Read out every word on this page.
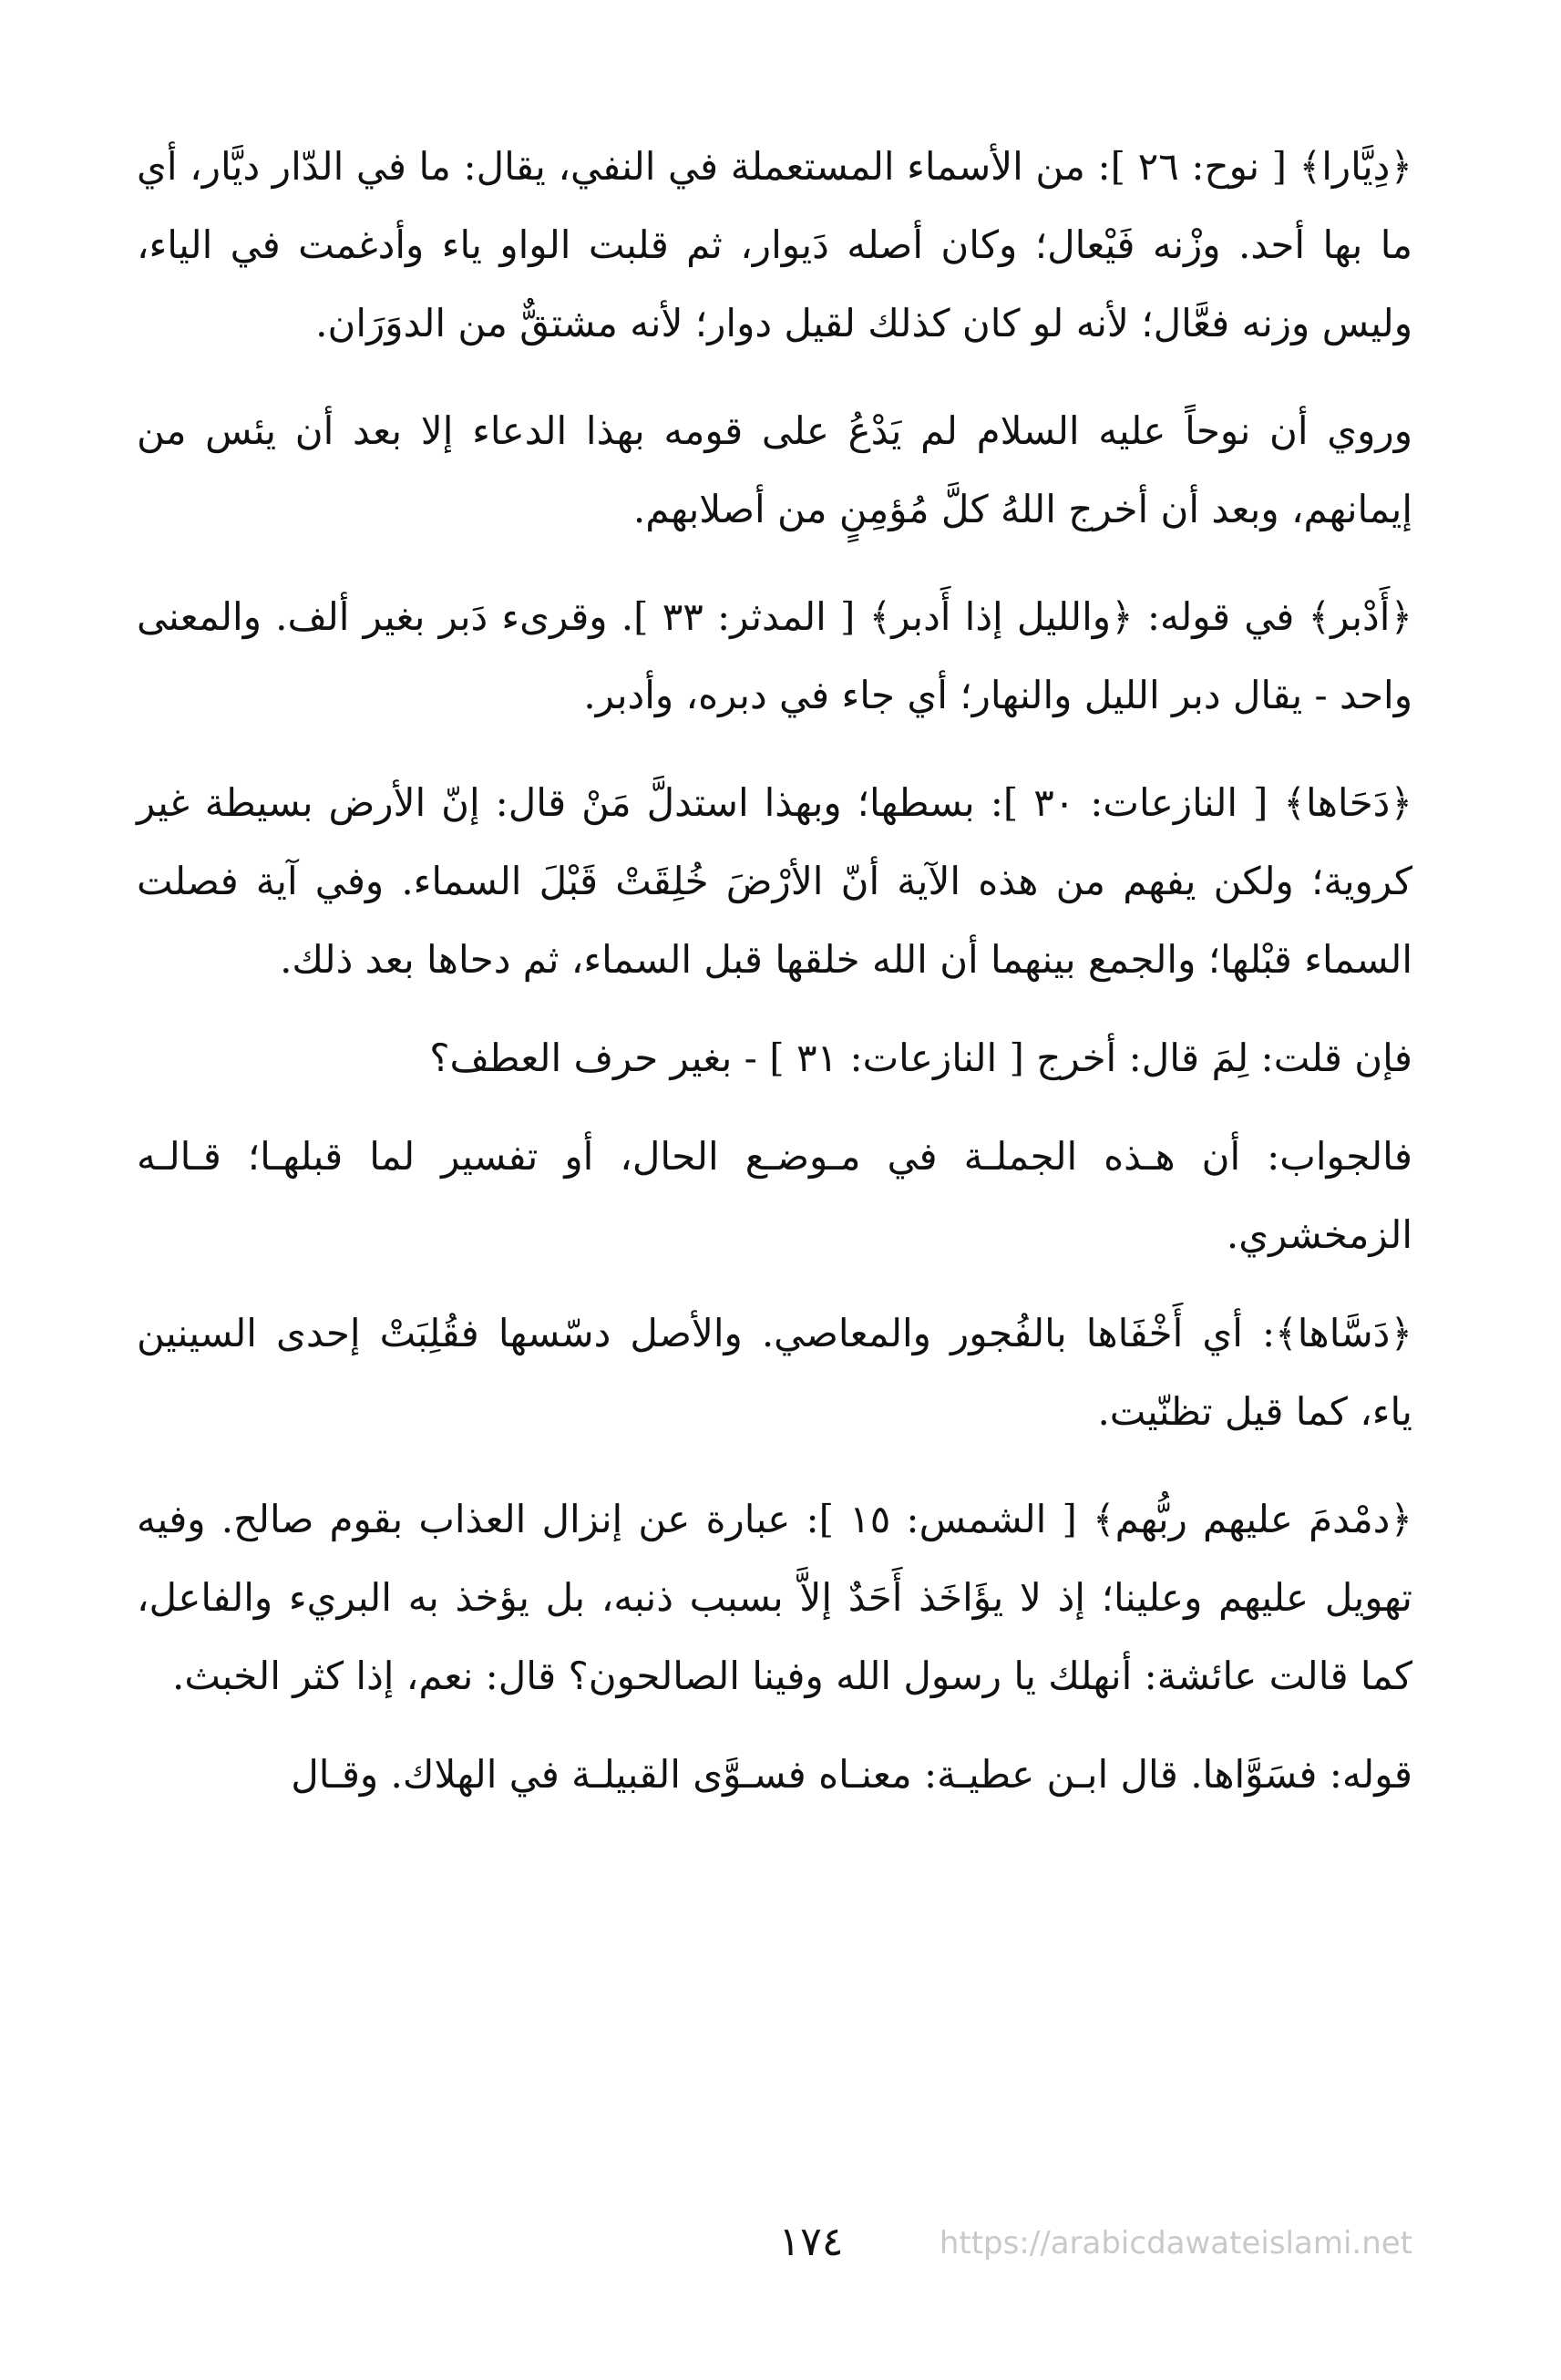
﴿دِيَّارا﴾ [ نوح: ٢٦ ]: من الأسماء المستعملة في النفي، يقال: ما في الدّار ديَّار، أي ما بها أحد. وزْنه فَيْعال؛ وكان أصله دَيوار، ثم قلبت الواو ياء وأدغمت في الياء، وليس وزنه فعَّال؛ لأنه لو كان كذلك لقيل دوار؛ لأنه مشتقٌّ من الدوَرَان.

وروي أن نوحاً عليه السلام لم يَدْعُ على قومه بهذا الدعاء إلا بعد أن يئس من إيمانهم، وبعد أن أخرج اللهُ كلَّ مُؤمِنٍ من أصلابهم.

﴿أَدْبر﴾ في قوله: ﴿والليل إذا أَدبر﴾ [ المدثر: ٣٣ ]. وقرىء دَبر بغير ألف. والمعنى واحد - يقال دبر الليل والنهار؛ أي جاء في دبره، وأدبر.

﴿دَحَاها﴾ [ النازعات: ٣٠ ]: بسطها؛ وبهذا استدلَّ مَنْ قال: إنّ الأرض بسيطة غير كروية؛ ولكن يفهم من هذه الآية أنّ الأرْضَ خُلِقَتْ قَبْلَ السماء. وفي آية فصلت السماء قبْلها؛ والجمع بينهما أن الله خلقها قبل السماء، ثم دحاها بعد ذلك.

فإن قلت: لِمَ قال: أخرج [ النازعات: ٣١ ] - بغير حرف العطف؟

فالجواب: أن هـذه الجملـة في مـوضـع الحال، أو تفسير لما قبلهـا؛ قـالـه الزمخشري.

﴿دَسَّاها﴾: أي أَخْفَاها بالفُجور والمعاصي. والأصل دسّسها فقُلِبَتْ إحدى السينين ياء، كما قيل تظنّيت.

﴿دمْدمَ عليهم ربُّهم﴾ [ الشمس: ١٥ ]: عبارة عن إنزال العذاب بقوم صالح. وفيه تهويل عليهم وعلينا؛ إذ لا يؤَاخَذ أَحَدٌ إلاَّ بسبب ذنبه، بل يؤخذ به البريء والفاعل، كما قالت عائشة: أنهلك يا رسول الله وفينا الصالحون؟ قال: نعم، إذا كثر الخبث.

قوله: فسَوَّاها. قال ابـن عطيـة: معنـاه فسـوَّى القبيلـة في الهلاك. وقـال

١٧٤	https://arabicdawateislami.net
